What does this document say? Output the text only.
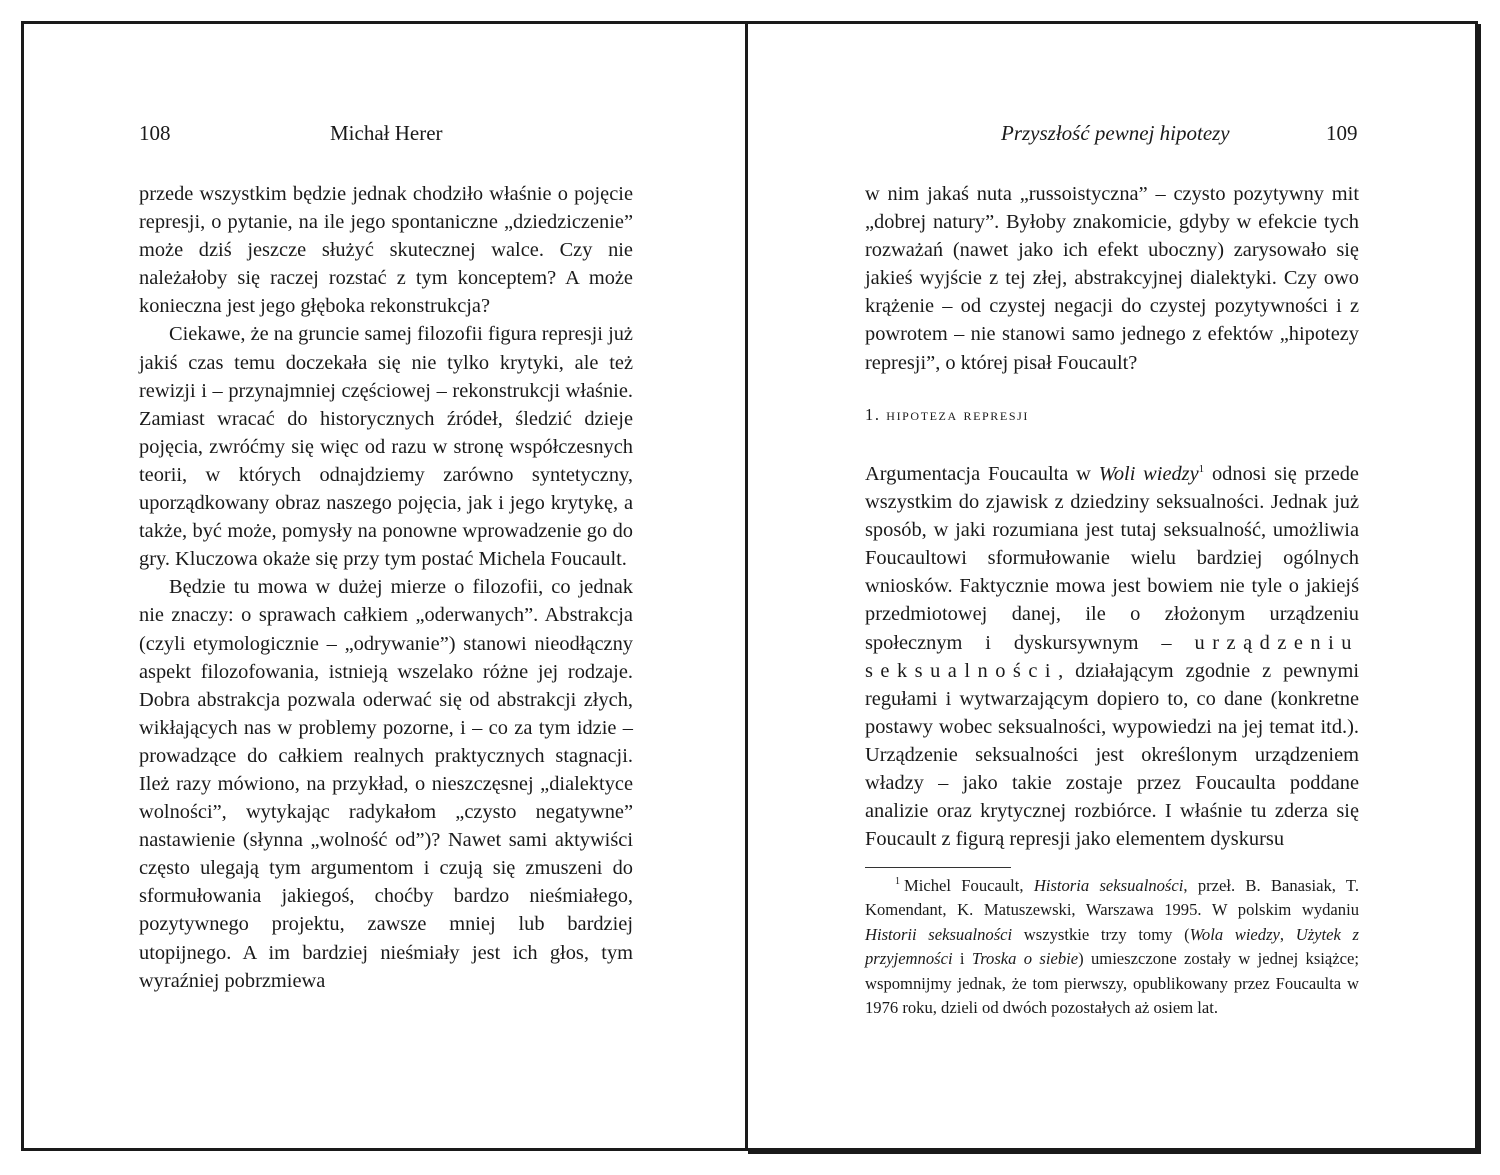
108	Michał Herer

przede wszystkim będzie jednak chodziło właśnie o pojęcie represji, o pytanie, na ile jego spontaniczne „dziedziczenie” może dziś jeszcze służyć skutecznej walce. Czy nie należałoby się raczej rozstać z tym konceptem? A może konieczna jest jego głęboka rekonstrukcja?

Ciekawe, że na gruncie samej filozofii figura represji już jakiś czas temu doczekała się nie tylko krytyki, ale też rewizji i – przynajmniej częściowej – rekonstrukcji właśnie. Zamiast wracać do historycznych źródeł, śledzić dzieje pojęcia, zwróćmy się więc od razu w stronę współczesnych teorii, w których odnajdziemy zarówno syntetyczny, uporządkowany obraz naszego pojęcia, jak i jego krytykę, a także, być może, pomysły na ponowne wprowadzenie go do gry. Kluczowa okaże się przy tym postać Michela Foucault.

Będzie tu mowa w dużej mierze o filozofii, co jednak nie znaczy: o sprawach całkiem „oderwanych”. Abstrakcja (czyli etymologicznie – „odrywanie”) stanowi nieodłączny aspekt filozofowania, istnieją wszelako różne jej rodzaje. Dobra abstrakcja pozwala oderwać się od abstrakcji złych, wikłających nas w problemy pozorne, i – co za tym idzie – prowadzące do całkiem realnych praktycznych stagnacji. Ileż razy mówiono, na przykład, o nieszczęsnej „dialektyce wolności”, wytykając radykałom „czysto negatywne” nastawienie (słynna „wolność od”)? Nawet sami aktywiści często ulegają tym argumentom i czują się zmuszeni do sformułowania jakiegoś, choćby bardzo nieśmiałego, pozytywnego projektu, zawsze mniej lub bardziej utopijnego. A im bardziej nieśmiały jest ich głos, tym wyraźniej pobrzmiewa

Przyszłość pewnej hipotezy	109

w nim jakaś nuta „russoistyczna” – czysto pozytywny mit „dobrej natury”. Byłoby znakomicie, gdyby w efekcie tych rozważań (nawet jako ich efekt uboczny) zarysowało się jakieś wyjście z tej złej, abstrakcyjnej dialektyki. Czy owo krążenie – od czystej negacji do czystej pozytywności i z powrotem – nie stanowi samo jednego z efektów „hipotezy represji”, o której pisał Foucault?

1. hipoteza represji

Argumentacja Foucaulta w Woli wiedzy$^1$ odnosi się przede wszystkim do zjawisk z dziedziny seksualności. Jednak już sposób, w jaki rozumiana jest tutaj seksualność, umożliwia Foucaultowi sformułowanie wielu bardziej ogólnych wniosków. Faktycznie mowa jest bowiem nie tyle o jakiejś przedmiotowej danej, ile o złożonym urządzeniu społecznym i dyskursywnym – urządzeniu seksualności, działającym zgodnie z pewnymi regułami i wytwarzającym dopiero to, co dane (konkretne postawy wobec seksualności, wypowiedzi na jej temat itd.). Urządzenie seksualności jest określonym urządzeniem władzy – jako takie zostaje przez Foucaulta poddane analizie oraz krytycznej rozbiórce. I właśnie tu zderza się Foucault z figurą represji jako elementem dyskursu

$^1$ Michel Foucault, Historia seksualności, przeł. B. Banasiak, T. Komendant, K. Matuszewski, Warszawa 1995. W polskim wydaniu Historii seksualności wszystkie trzy tomy (Wola wiedzy, Użytek z przyjemności i Troska o siebie) umieszczone zostały w jednej książce; wspomnijmy jednak, że tom pierwszy, opublikowany przez Foucaulta w 1976 roku, dzieli od dwóch pozostałych aż osiem lat.
